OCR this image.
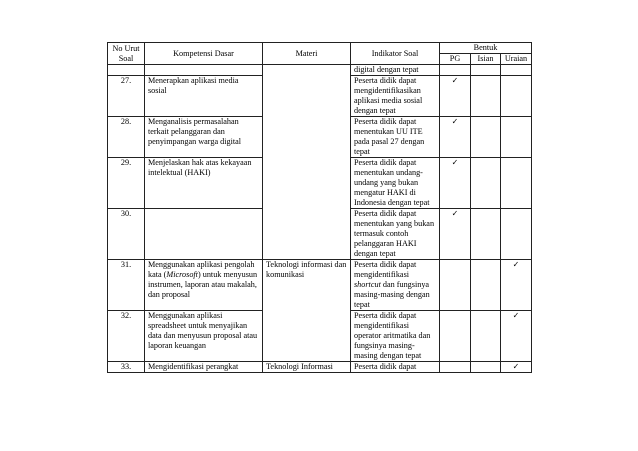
No Urut Soal	Kompetensi Dasar	Materi	Indikator Soal	Bentuk		
				PG	Isian	Uraian
			digital dengan tepat			
27.	Menerapkan aplikasi media sosial		Peserta didik dapat mengidentifikasikan aplikasi media sosial dengan tepat	✓		
28.	Menganalisis permasalahan terkait pelanggaran dan penyimpangan warga digital		Peserta didik dapat menentukan UU ITE pada pasal 27 dengan tepat	✓		
29.	Menjelaskan hak atas kekayaan intelektual (HAKI)		Peserta didik dapat menentukan undang-undang yang bukan mengatur HAKI di Indonesia dengan tepat	✓		
30.			Peserta didik dapat menentukan yang bukan termasuk contoh pelanggaran HAKI dengan tepat	✓		
31.	Menggunakan aplikasi pengolah kata (Microsoft) untuk menyusun instrumen, laporan atau makalah, dan proposal	Teknologi informasi dan komunikasi	Peserta didik dapat mengidentifikasi shortcut dan fungsinya masing-masing dengan tepat			✓
32.	Menggunakan aplikasi spreadsheet untuk menyajikan data dan menyusun proposal atau laporan keuangan		Peserta didik dapat mengidentifikasi operator aritmatika dan fungsinya masing-masing dengan tepat			✓
33.	Mengidentifikasi perangkat	Teknologi Informasi	Peserta didik dapat			✓
